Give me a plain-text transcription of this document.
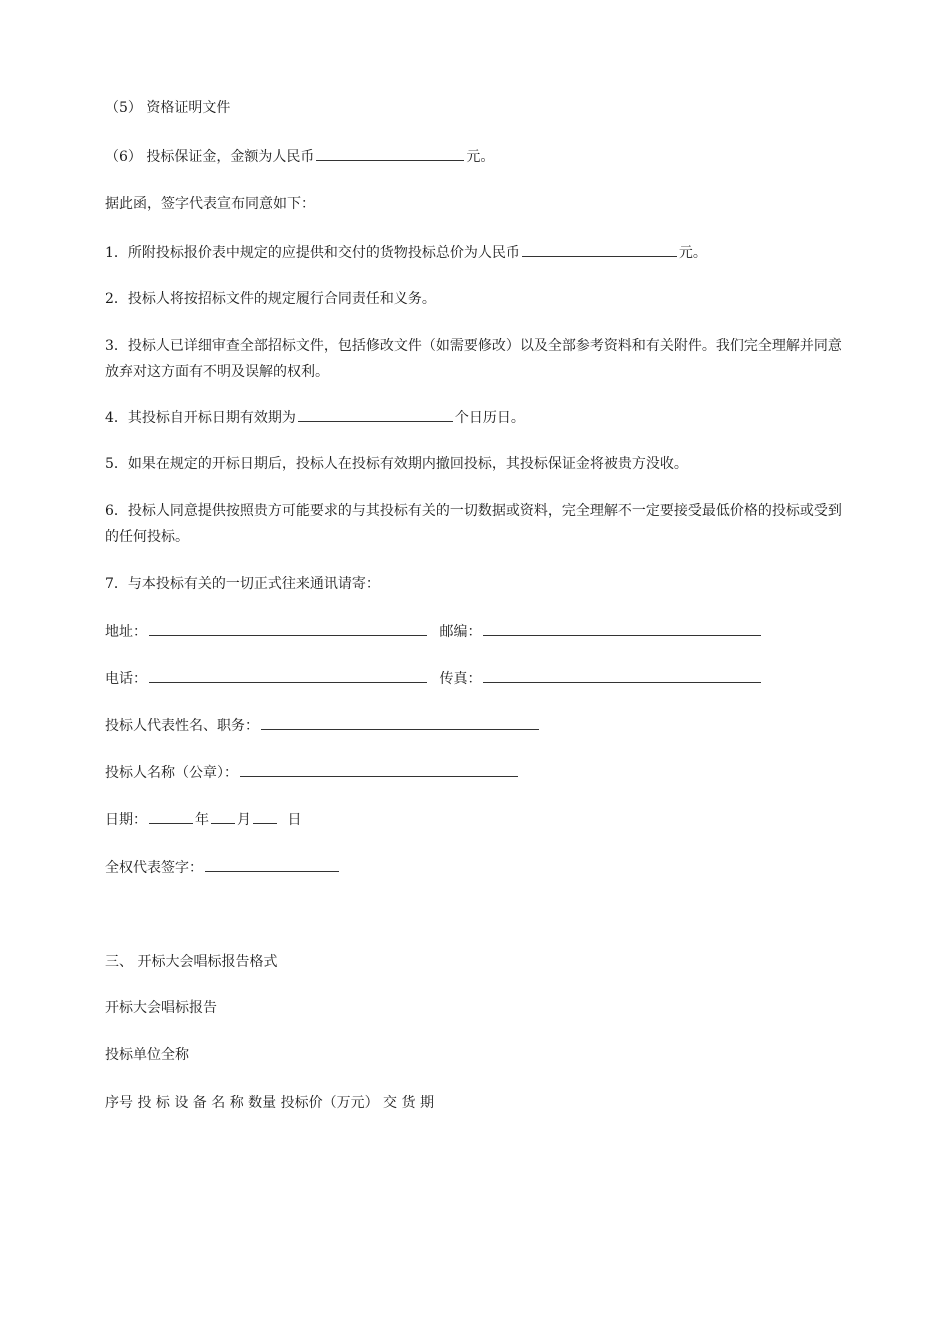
（5） 资格证明文件
（6） 投标保证金，金额为人民币	元。
据此函，签字代表宣布同意如下：
1．所附投标报价表中规定的应提供和交付的货物投标总价为人民币	元。
2．投标人将按招标文件的规定履行合同责任和义务。
3．投标人已详细审查全部招标文件，包括修改文件（如需要修改）以及全部参考资料和有关附件。我们完全理解并同意放弃对这方面有不明及误解的权利。
4．其投标自开标日期有效期为	个日历日。
5．如果在规定的开标日期后，投标人在投标有效期内撤回投标，其投标保证金将被贵方没收。
6．投标人同意提供按照贵方可能要求的与其投标有关的一切数据或资料，完全理解不一定要接受最低价格的投标或受到的任何投标。
7．与本投标有关的一切正式往来通讯请寄：
地址：	邮编：
电话：	传真：
投标人代表性名、职务：
投标人名称（公章）：
日期：	年 月	日
全权代表签字：
三、 开标大会唱标报告格式
开标大会唱标报告
投标单位全称
序号 投 标 设 备 名 称 数量 投标价（万元） 交 货 期
